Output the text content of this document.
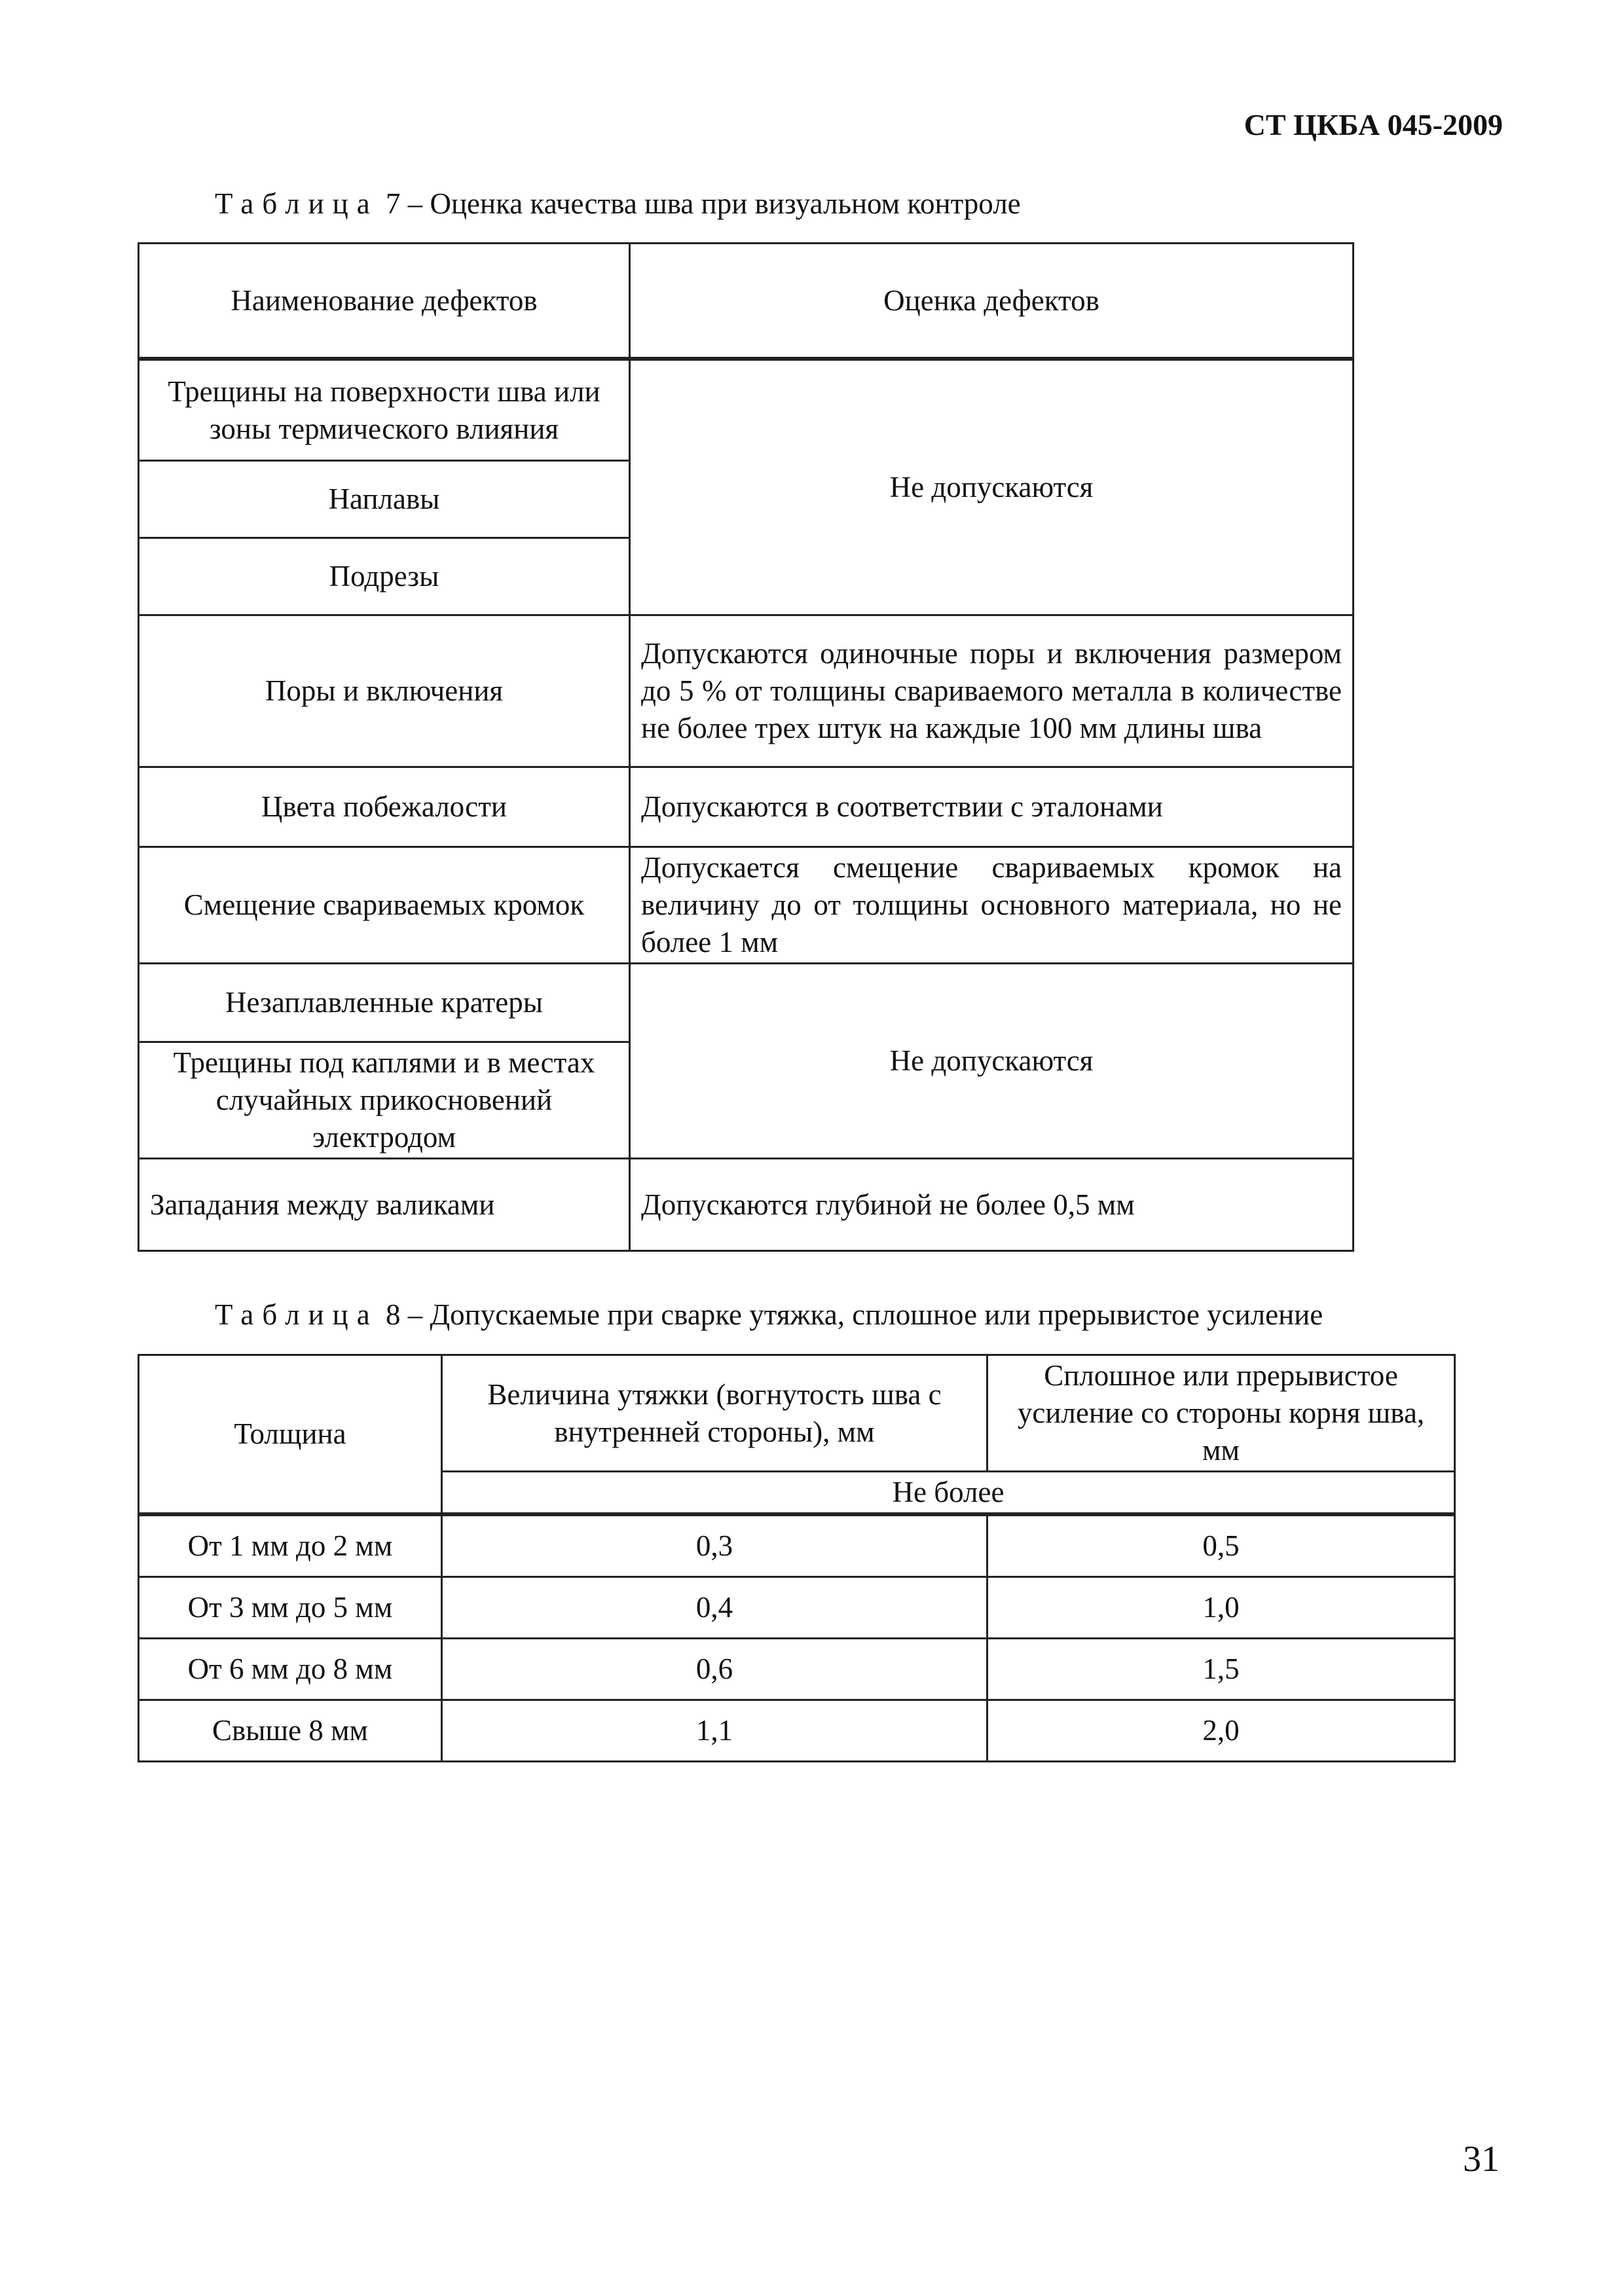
СТ ЦКБА 045-2009
Таблица 7 – Оценка качества шва при визуальном контроле
Наименование дефектов	Оценка дефектов
Трещины на поверхности шва или зоны термического влияния	Не допускаются
Наплавы	
Подрезы	
Поры и включения	Допускаются одиночные поры и включения размером до 5 % от толщины свариваемого металла в количестве не более трех штук на каждые 100 мм длины шва
Цвета побежалости	Допускаются в соответствии с эталонами
Смещение свариваемых кромок	Допускается смещение свариваемых кромок на величину до от толщины основного материала, но не более 1 мм
Незаплавленные кратеры	Не допускаются
Трещины под каплями и в местах случайных прикосновений электродом	
Западания между валиками	Допускаются глубиной не более 0,5 мм
Таблица 8 – Допускаемые при сварке утяжка, сплошное или прерывистое усиление
Толщина	Величина утяжки (вогнутость шва с внутренней стороны), мм	Сплошное или прерывистое усиление со стороны корня шва, мм
	Не более	
От 1 мм до 2 мм	0,3	0,5
От 3 мм до 5 мм	0,4	1,0
От 6 мм до 8 мм	0,6	1,5
Свыше 8 мм	1,1	2,0
31
